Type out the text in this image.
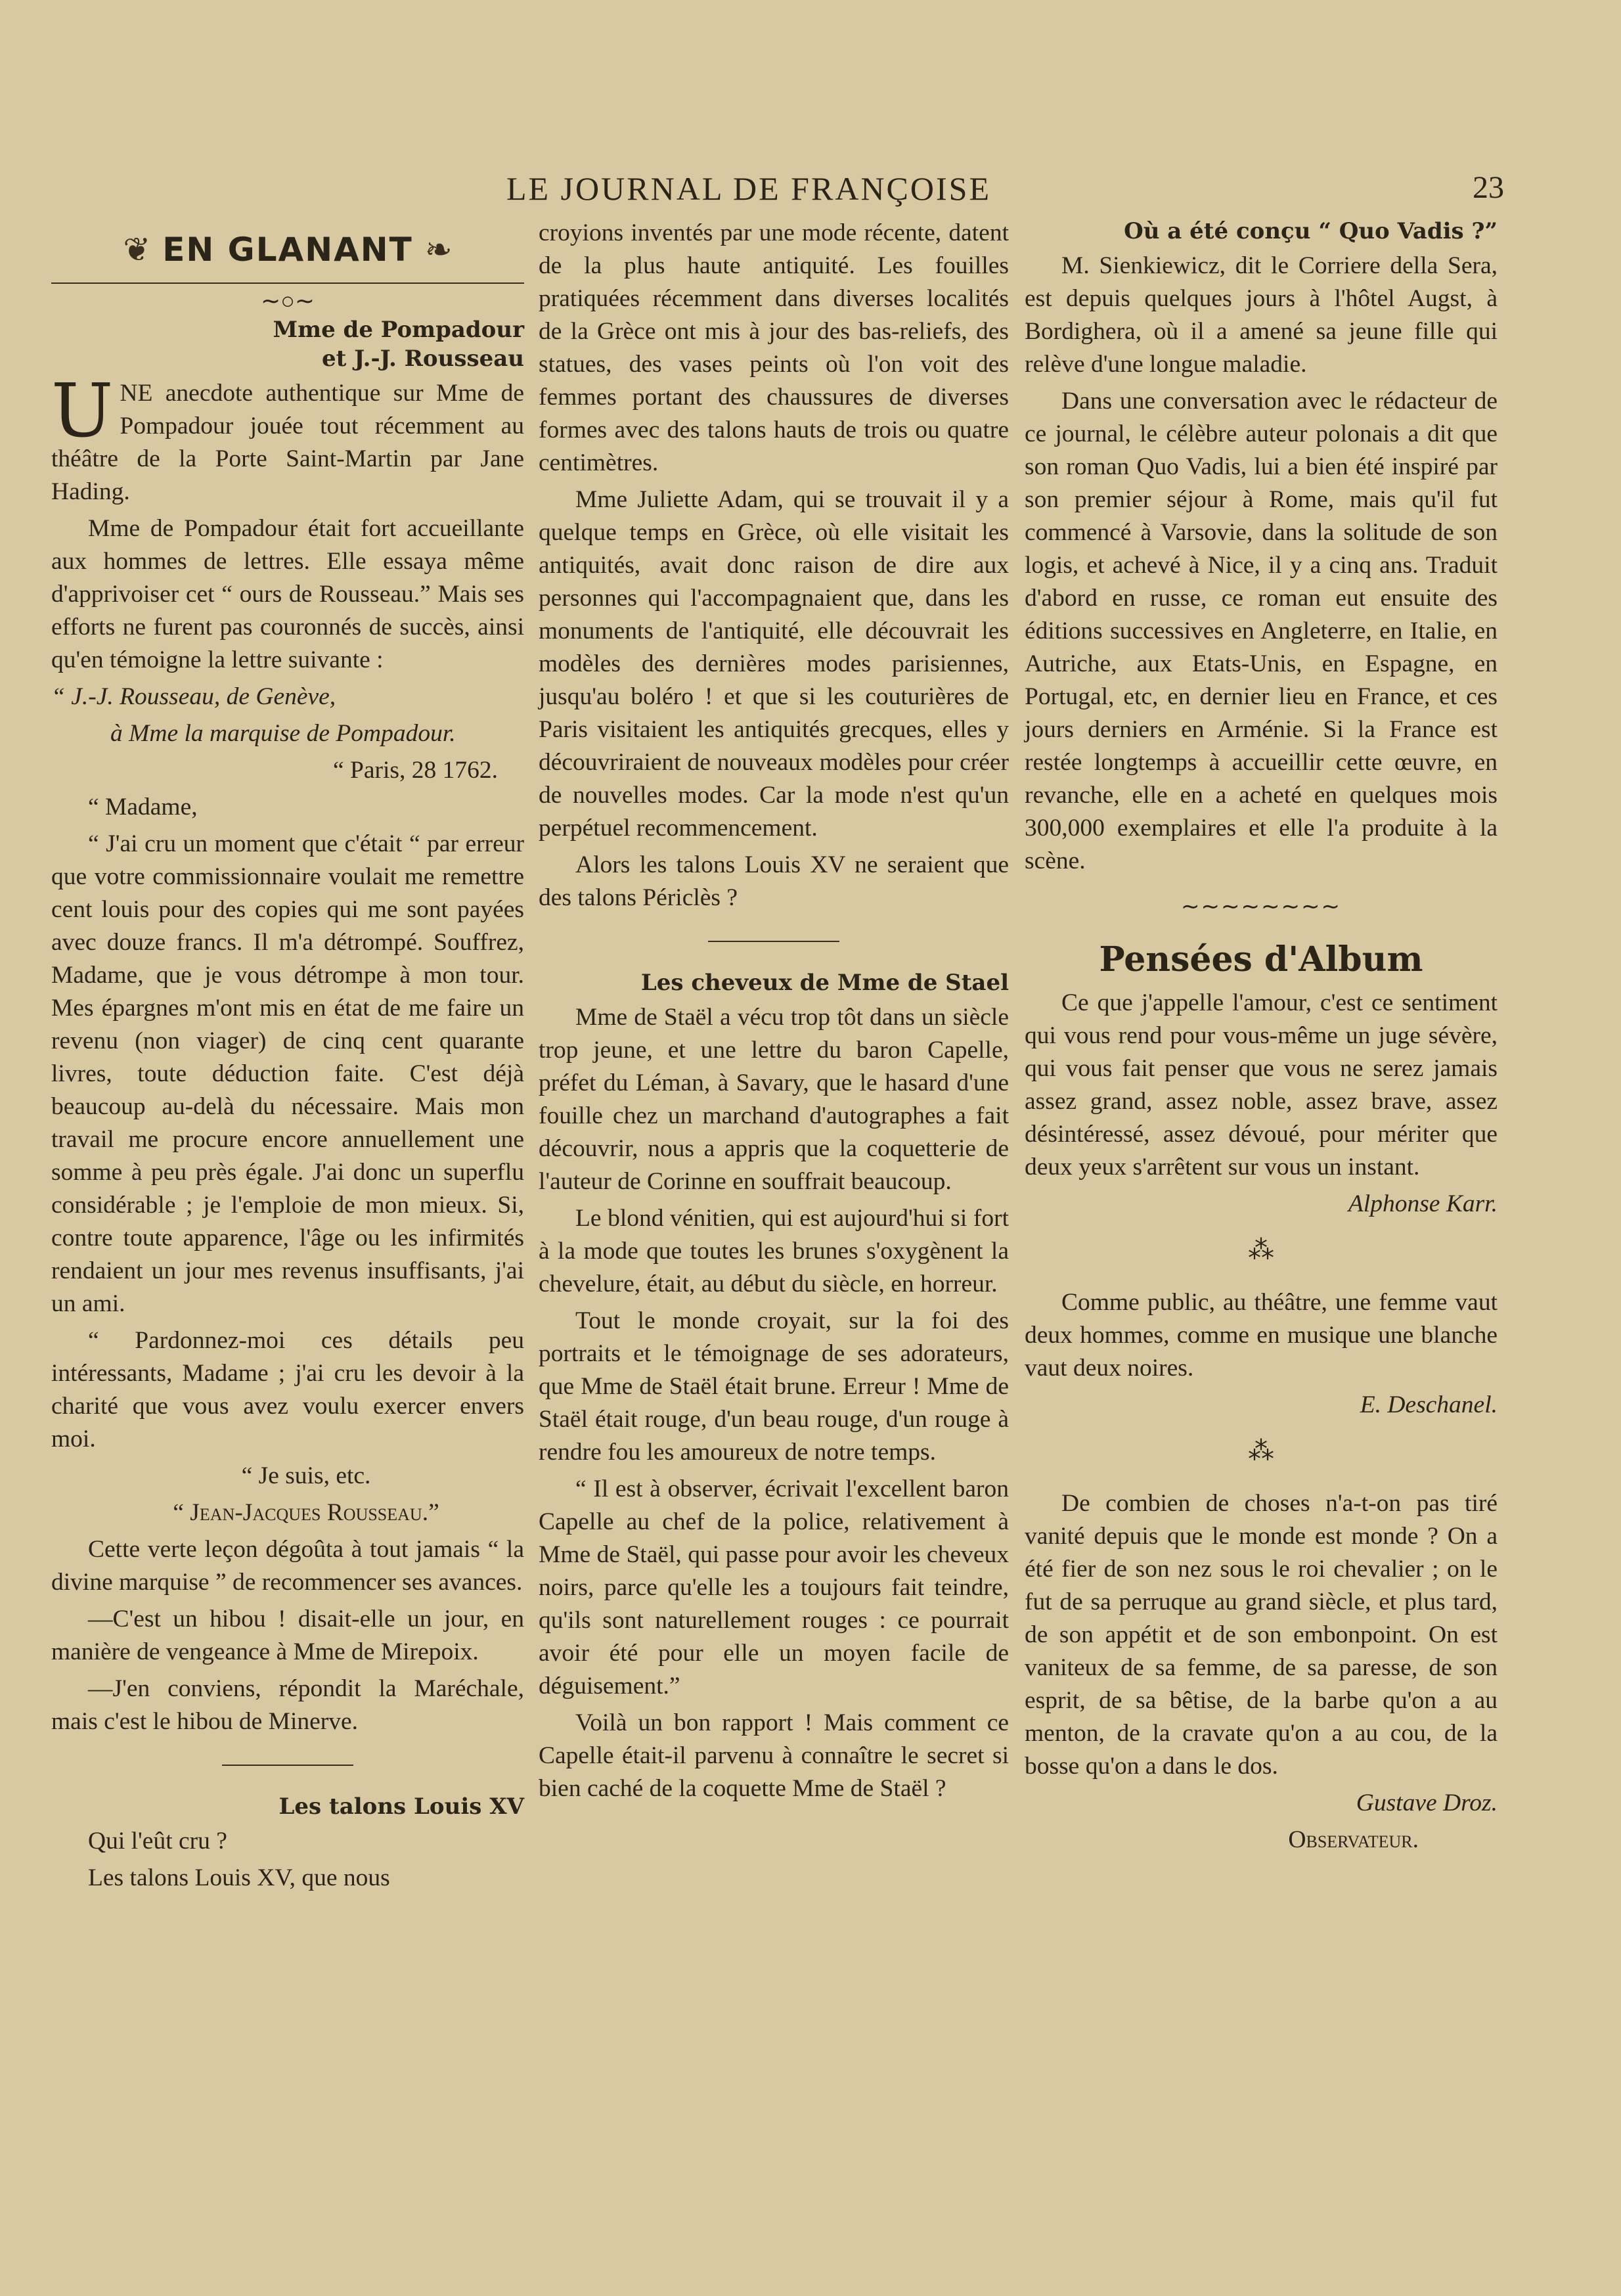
LE JOURNAL DE FRANÇOISE	23
❦ EN GLANANT ❧
∼○∼
Mme de Pompadour
et J.-J. Rousseau

UNE anecdote authentique sur Mme de Pompadour jouée tout récemment au théâtre de la Porte Saint-Martin par Jane Hading.

Mme de Pompadour était fort accueillante aux hommes de lettres. Elle essaya même d'apprivoiser cet “ ours de Rousseau.” Mais ses efforts ne furent pas couronnés de succès, ainsi qu'en témoigne la lettre suivante :

“ J.-J. Rousseau, de Genève,

à Mme la marquise de Pompadour.

“ Paris, 28 1762.

“ Madame,

“ J'ai cru un moment que c'était “ par erreur que votre commissionnaire voulait me remettre cent louis pour des copies qui me sont payées avec douze francs. Il m'a détrompé. Souffrez, Madame, que je vous détrompe à mon tour. Mes épargnes m'ont mis en état de me faire un revenu (non viager) de cinq cent quarante livres, toute déduction faite. C'est déjà beaucoup au-delà du nécessaire. Mais mon travail me procure encore annuellement une somme à peu près égale. J'ai donc un superflu considérable ; je l'emploie de mon mieux. Si, contre toute apparence, l'âge ou les infirmités rendaient un jour mes revenus insuffisants, j'ai un ami.

“ Pardonnez-moi ces détails peu intéressants, Madame ; j'ai cru les devoir à la charité que vous avez voulu exercer envers moi.

“ Je suis, etc.

“ Jean-Jacques Rousseau.”

Cette verte leçon dégoûta à tout jamais “ la divine marquise ” de recommencer ses avances.

—C'est un hibou ! disait-elle un jour, en manière de vengeance à Mme de Mirepoix.

—J'en conviens, répondit la Maréchale, mais c'est le hibou de Minerve.

Les talons Louis XV

Qui l'eût cru ?

Les talons Louis XV, que nous

croyions inventés par une mode récente, datent de la plus haute antiquité. Les fouilles pratiquées récemment dans diverses localités de la Grèce ont mis à jour des bas-reliefs, des statues, des vases peints où l'on voit des femmes portant des chaussures de diverses formes avec des talons hauts de trois ou quatre centimètres.

Mme Juliette Adam, qui se trouvait il y a quelque temps en Grèce, où elle visitait les antiquités, avait donc raison de dire aux personnes qui l'accompagnaient que, dans les monuments de l'antiquité, elle découvrait les modèles des dernières modes parisiennes, jusqu'au boléro ! et que si les couturières de Paris visitaient les antiquités grecques, elles y découvriraient de nouveaux modèles pour créer de nouvelles modes. Car la mode n'est qu'un perpétuel recommencement.

Alors les talons Louis XV ne seraient que des talons Périclès ?

Les cheveux de Mme de Stael

Mme de Staël a vécu trop tôt dans un siècle trop jeune, et une lettre du baron Capelle, préfet du Léman, à Savary, que le hasard d'une fouille chez un marchand d'autographes a fait découvrir, nous a appris que la coquetterie de l'auteur de Corinne en souffrait beaucoup.

Le blond vénitien, qui est aujourd'hui si fort à la mode que toutes les brunes s'oxygènent la chevelure, était, au début du siècle, en horreur.

Tout le monde croyait, sur la foi des portraits et le témoignage de ses adorateurs, que Mme de Staël était brune. Erreur ! Mme de Staël était rouge, d'un beau rouge, d'un rouge à rendre fou les amoureux de notre temps.

“ Il est à observer, écrivait l'excellent baron Capelle au chef de la police, relativement à Mme de Staël, qui passe pour avoir les cheveux noirs, parce qu'elle les a toujours fait teindre, qu'ils sont naturellement rouges : ce pourrait avoir été pour elle un moyen facile de déguisement.”

Voilà un bon rapport ! Mais comment ce Capelle était-il parvenu à connaître le secret si bien caché de la coquette Mme de Staël ?

Où a été conçu “ Quo Vadis ?”

M. Sienkiewicz, dit le Corriere della Sera, est depuis quelques jours à l'hôtel Augst, à Bordighera, où il a amené sa jeune fille qui relève d'une longue maladie.

Dans une conversation avec le rédacteur de ce journal, le célèbre auteur polonais a dit que son roman Quo Vadis, lui a bien été inspiré par son premier séjour à Rome, mais qu'il fut commencé à Varsovie, dans la solitude de son logis, et achevé à Nice, il y a cinq ans. Traduit d'abord en russe, ce roman eut ensuite des éditions successives en Angleterre, en Italie, en Autriche, aux Etats-Unis, en Espagne, en Portugal, etc, en dernier lieu en France, et ces jours derniers en Arménie. Si la France est restée longtemps à accueillir cette œuvre, en revanche, elle en a acheté en quelques mois 300,000 exemplaires et elle l'a produite à la scène.

∼∼∼∼∼∼∼∼
Pensées d'Album

Ce que j'appelle l'amour, c'est ce sentiment qui vous rend pour vous-même un juge sévère, qui vous fait penser que vous ne serez jamais assez grand, assez noble, assez brave, assez désintéressé, assez dévoué, pour mériter que deux yeux s'arrêtent sur vous un instant.

Alphonse Karr.

⁂

Comme public, au théâtre, une femme vaut deux hommes, comme en musique une blanche vaut deux noires.

E. Deschanel.

⁂

De combien de choses n'a-t-on pas tiré vanité depuis que le monde est monde ? On a été fier de son nez sous le roi chevalier ; on le fut de sa perruque au grand siècle, et plus tard, de son appétit et de son embonpoint. On est vaniteux de sa femme, de sa paresse, de son esprit, de sa bêtise, de la barbe qu'on a au menton, de la cravate qu'on a au cou, de la bosse qu'on a dans le dos.

Gustave Droz.

Observateur.
